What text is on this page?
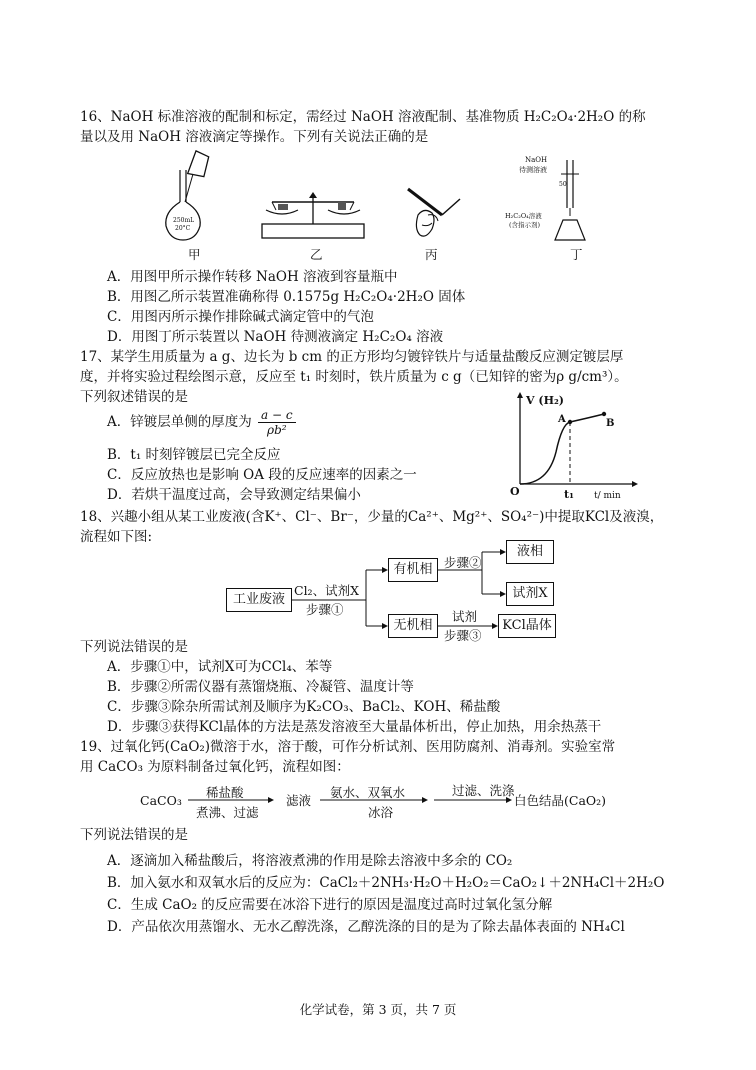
16、NaOH 标准溶液的配制和标定，需经过 NaOH 溶液配制、基准物质 H₂C₂O₄·2H₂O 的称
量以及用 NaOH 溶液滴定等操作。下列有关说法正确的是
250mL
20°C
甲	乙	丙
NaOH
待测溶液
50
H₂C₂O₄溶液
(含指示剂)
丁
A．用图甲所示操作转移 NaOH 溶液到容量瓶中
B．用图乙所示装置准确称得 0.1575g H₂C₂O₄·2H₂O 固体
C．用图丙所示操作排除碱式滴定管中的气泡
D．用图丁所示装置以 NaOH 待测液滴定 H₂C₂O₄ 溶液
17、某学生用质量为 a g、边长为 b cm 的正方形均匀镀锌铁片与适量盐酸反应测定镀层厚
度，并将实验过程绘图示意，反应至 t₁ 时刻时，铁片质量为 c g（已知锌的密为ρ g/cm³）。
下列叙述错误的是
A．锌镀层单侧的厚度为 $\frac{a - c}{\text{ρb²}}$
B．t₁ 时刻锌镀层已完全反应
C．反应放热也是影响 OA 段的反应速率的因素之一
D．若烘干温度过高，会导致测定结果偏小
V (H₂)
O
A	B
t₁ t/ min
18、兴趣小组从某工业废液(含K⁺、Cl⁻、Br⁻，少量的Ca²⁺、Mg²⁺、SO₄²⁻)中提取KCl及液溴，
流程如下图:
工业废液
Cl₂、试剂X
步骤①
有机相 步骤②
液相
试剂X
无机相
试剂
步骤③
KCl晶体
下列说法错误的是
A．步骤①中，试剂X可为CCl₄、苯等
B．步骤②所需仪器有蒸馏烧瓶、冷凝管、温度计等
C．步骤③除杂所需试剂及顺序为K₂CO₃、BaCl₂、KOH、稀盐酸
D．步骤③获得KCl晶体的方法是蒸发溶液至大量晶体析出，停止加热，用余热蒸干
19、过氧化钙(CaO₂)微溶于水，溶于酸，可作分析试剂、医用防腐剂、消毒剂。实验室常
用 CaCO₃ 为原料制备过氧化钙，流程如图：
CaCO₃
稀盐酸
煮沸、过滤
滤液
氨水、双氧水
冰浴
过滤、洗涤
白色结晶(CaO₂)
下列说法错误的是
A．逐滴加入稀盐酸后，将溶液煮沸的作用是除去溶液中多余的 CO₂
B．加入氨水和双氧水后的反应为：CaCl₂＋2NH₃·H₂O＋H₂O₂＝CaO₂↓＋2NH₄Cl＋2H₂O
C．生成 CaO₂ 的反应需要在冰浴下进行的原因是温度过高时过氧化氢分解
D．产品依次用蒸馏水、无水乙醇洗涤，乙醇洗涤的目的是为了除去晶体表面的 NH₄Cl
化学试卷，第 3 页，共 7 页
